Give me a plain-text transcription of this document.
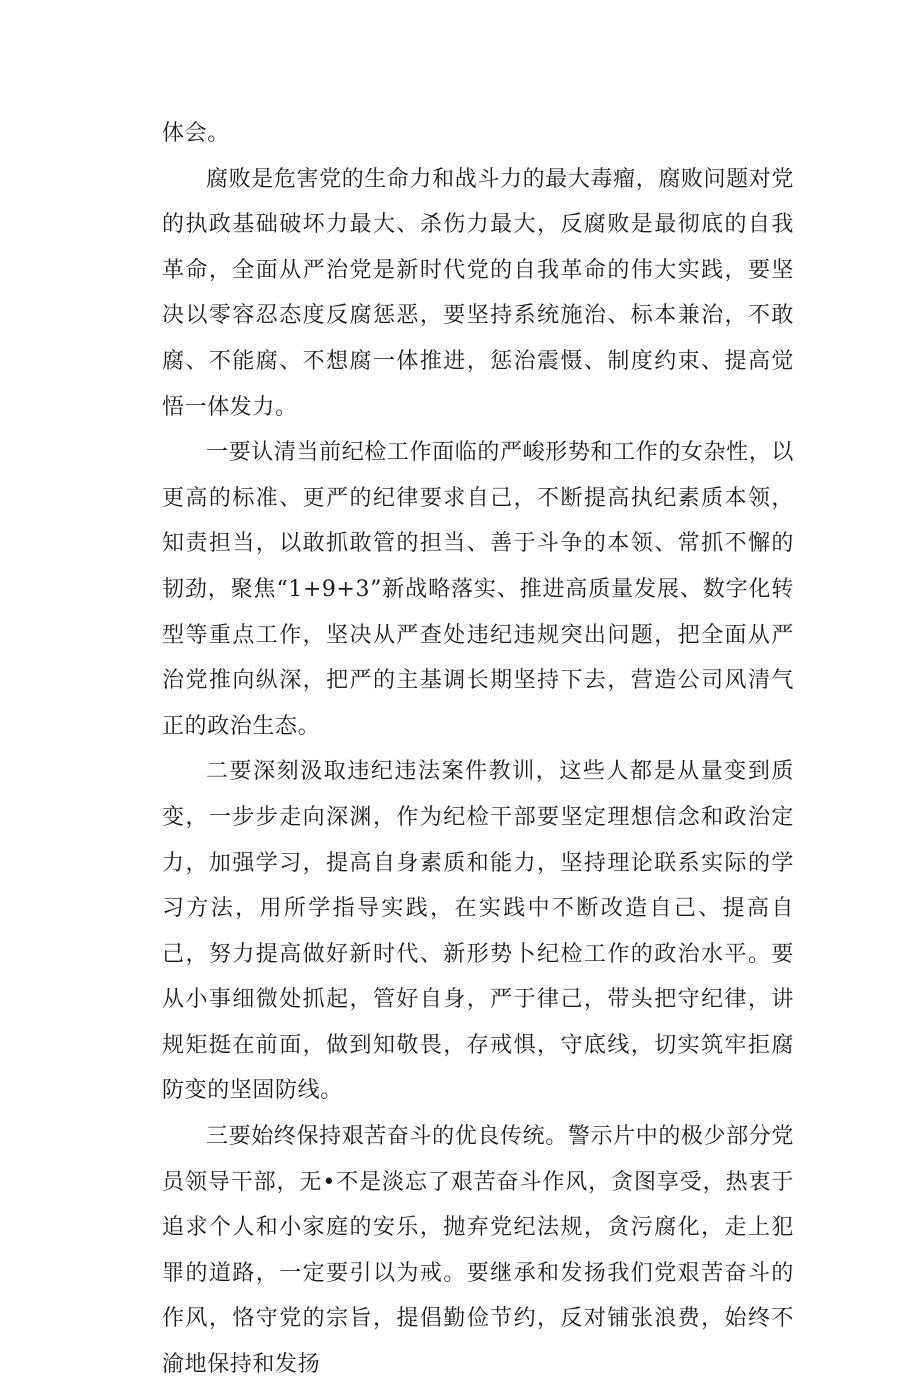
体会。

腐败是危害党的生命力和战斗力的最大毒瘤，腐败问题对党的执政基础破坏力最大、杀伤力最大，反腐败是最彻底的自我革命，全面从严治党是新时代党的自我革命的伟大实践，要坚决以零容忍态度反腐惩恶，要坚持系统施治、标本兼治，不敢腐、不能腐、不想腐一体推进，惩治震慑、制度约束、提高觉悟一体发力。

一要认清当前纪检工作面临的严峻形势和工作的女杂性，以更高的标准、更严的纪律要求自己，不断提高执纪素质本领，知责担当，以敢抓敢管的担当、善于斗争的本领、常抓不懈的韧劲，聚焦“1+9+3”新战略落实、推进高质量发展、数字化转型等重点工作，坚决从严查处违纪违规突出问题，把全面从严治党推向纵深，把严的主基调长期坚持下去，营造公司风清气正的政治生态。

二要深刻汲取违纪违法案件教训，这些人都是从量变到质变，一步步走向深渊，作为纪检干部要坚定理想信念和政治定力，加强学习，提高自身素质和能力，坚持理论联系实际的学习方法，用所学指导实践，在实践中不断改造自己、提高自己，努力提高做好新时代、新形势卜纪检工作的政治水平。要从小事细微处抓起，管好自身，严于律己，带头把守纪律，讲规矩挺在前面，做到知敬畏，存戒惧，守底线，切实筑牢拒腐防变的坚固防线。

三要始终保持艰苦奋斗的优良传统。警示片中的极少部分党员领导干部，无•不是淡忘了艰苦奋斗作风，贪图享受，热衷于追求个人和小家庭的安乐，抛弃党纪法规，贪污腐化，走上犯罪的道路，一定要引以为戒。要继承和发扬我们党艰苦奋斗的作风，恪守党的宗旨，提倡勤俭节约，反对铺张浪费，始终不渝地保持和发扬
